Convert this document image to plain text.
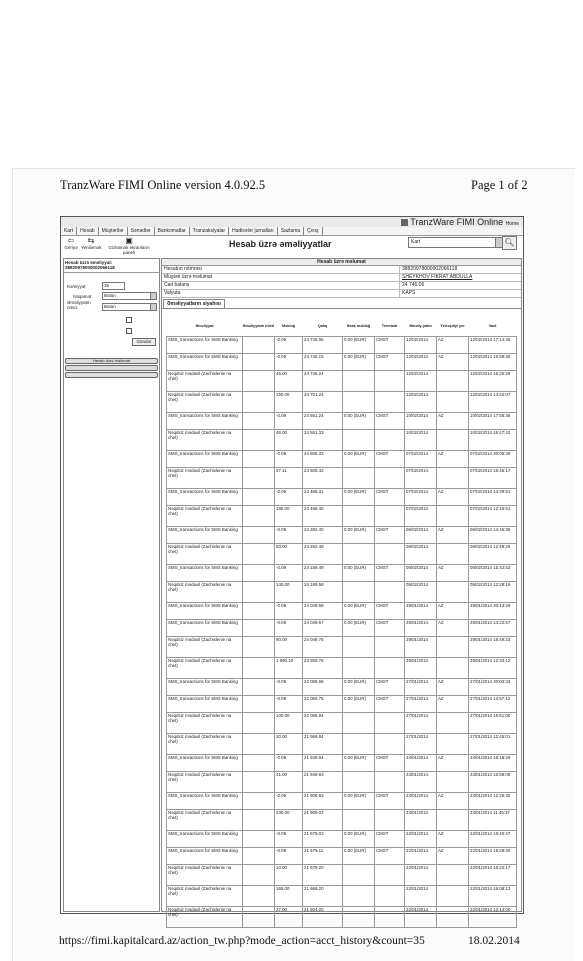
TranzWare FIMI Online version 4.0.92.5	Page 1 of 2
TranzWare FIMI Online Home
Kart Hesab Müştərilər Sənədlər Bankomatlar Tranzaksiyalar Hadisələr jurnalları Sazlama Çıxış
⇦
Geriyə
⇆
Yeniləmək
▣
Gizlətmək ekranların paneli
Hesab üzrə əməliyyatlar	Kart	🔍︎
Hesab üzrə əməliyyat:
38820978000002066118
Kəmiyyət	35
İstiqamət	Bütün
Əməliyyatın növü:	Bütün
Göndər
Hesab üzrə məlumat
Hesab üzrə məlumat
Hesabın nömrəsi	38820978000002066118
Müştəri üzrə məlumat	SHEYKHOV FIKRAT ABDULLA
Cari balans	24 746.06
Valyuta	KAPS
Əməliyyatların siyahısı
Əməliyyat	Əməliyyatın növü	Məbləğ	Qalıq	Əsas məbləğ	Terminal	Əməliy-yatın	Yerləşdiyi yer	Vaxt
SMS_transactions for SMS Banking		-0.09	24 746.06	0.00 (EUR)	CMST	12/02/2014	AZ	12/02/2014 17:14:45
SMS_transactions for SMS Banking		-0.09	24 746.15	0.00 (EUR)	CMST	12/02/2014	AZ	12/02/2014 16:59:30
Nəqdsiz mədaxil (Zachislenie na chet)		45.00	24 746.24			12/02/2014		12/02/2014 16:20:29
Nəqdsiz mədaxil (Zachislenie na chet)		150.00	24 701.24			12/02/2014		12/02/2014 14:42:07
SMS_transactions for SMS Banking		-0.09	24 551.24	0.00 (EUR)	CMST	10/02/2014	AZ	10/02/2014 17:55:36
Nəqdsiz mədaxil (Zachislenie na chet)		46.00	24 551.33			10/02/2014		10/02/2014 16:47:42
SMS_transactions for SMS Banking		-0.09	24 505.33	0.00 (EUR)	CMST	07/02/2014	AZ	07/02/2014 20:05:30
Nəqdsiz mədaxil (Zachislenie na chet)		37.11	24 505.42			07/02/2014		07/02/2014 16:46:17
SMS_transactions for SMS Banking		-0.09	24 468.31	0.00 (EUR)	CMST	07/02/2014	AZ	07/02/2014 14:49:51
Nəqdsiz mədaxil (Zachislenie na chet)		186.00	24 468.40			07/02/2014		07/02/2014 12:15:51
SMS_transactions for SMS Banking		-0.09	24 282.40	0.00 (EUR)	CMST	06/02/2014	AZ	06/02/2014 14:45:35
Nəqdsiz mədaxil (Zachislenie na chet)		93.00	24 282.49			06/02/2014		06/02/2014 12:49:29
SMS_transactions for SMS Banking		-0.09	24 189.49	0.00 (EUR)	CMST	05/02/2014	AZ	05/02/2014 15:42:52
Nəqdsiz mədaxil (Zachislenie na chet)		140.00	24 189.58			05/02/2014		05/02/2014 12:28:16
SMS_transactions for SMS Banking		-0.09	24 049.58	0.00 (EUR)	CMST	29/01/2014	AZ	29/01/2014 20:13:20
SMS_transactions for SMS Banking		-0.09	24 049.67	0.00 (EUR)	CMST	29/01/2014	AZ	29/01/2014 14:22:57
Nəqdsiz mədaxil (Zachislenie na chet)		90.00	24 049.76			29/01/2014		29/01/2014 18:49:23
Nəqdsiz mədaxil (Zachislenie na chet)		1 890.10	23 959.76			29/01/2014		29/01/2014 12:33:12
SMS_transactions for SMS Banking		-0.09	22 069.66	0.00 (EUR)	CMST	27/01/2014	AZ	27/01/2014 20:03:33
SMS_transactions for SMS Banking		-0.09	22 069.75	0.00 (EUR)	CMST	27/01/2014	AZ	27/01/2014 14:57:12
Nəqdsiz mədaxil (Zachislenie na chet)		100.00	22 069.84			27/01/2014		27/01/2014 15:51:06
Nəqdsiz mədaxil (Zachislenie na chet)		20.00	21 969.84			27/01/2014		27/01/2014 12:45:01
SMS_transactions for SMS Banking		-0.09	21 949.84	0.00 (EUR)	CMST	24/01/2014	AZ	24/01/2014 18:18:20
Nəqdsiz mədaxil (Zachislenie na chet)		41.00	21 949.93			24/01/2014		24/01/2014 16:59:09
SMS_transactions for SMS Banking		-0.09	21 908.93	0.00 (EUR)	CMST	24/01/2014	AZ	24/01/2014 12:25:32
Nəqdsiz mədaxil (Zachislenie na chet)		230.00	21 909.02			24/01/2014		24/01/2014 11:45:37
SMS_transactions for SMS Banking		-0.09	21 679.02	0.00 (EUR)	CMST	22/01/2014	AZ	22/01/2014 19:40:47
SMS_transactions for SMS Banking		-0.09	21 679.11	0.00 (EUR)	CMST	22/01/2014	AZ	22/01/2014 15:29:40
Nəqdsiz mədaxil (Zachislenie na chet)		10.00	21 679.20			22/01/2014		22/01/2014 16:22:17
Nəqdsiz mədaxil (Zachislenie na chet)		165.00	21 669.20			22/01/2014		22/01/2014 16:08:13
Nəqdsiz mədaxil (Zachislenie na chet)		27.00	21 504.20			22/01/2014		22/01/2014 12:14:00
https://fimi.kapitalcard.az/action_tw.php?mode_action=acct_history&count=35	18.02.2014
